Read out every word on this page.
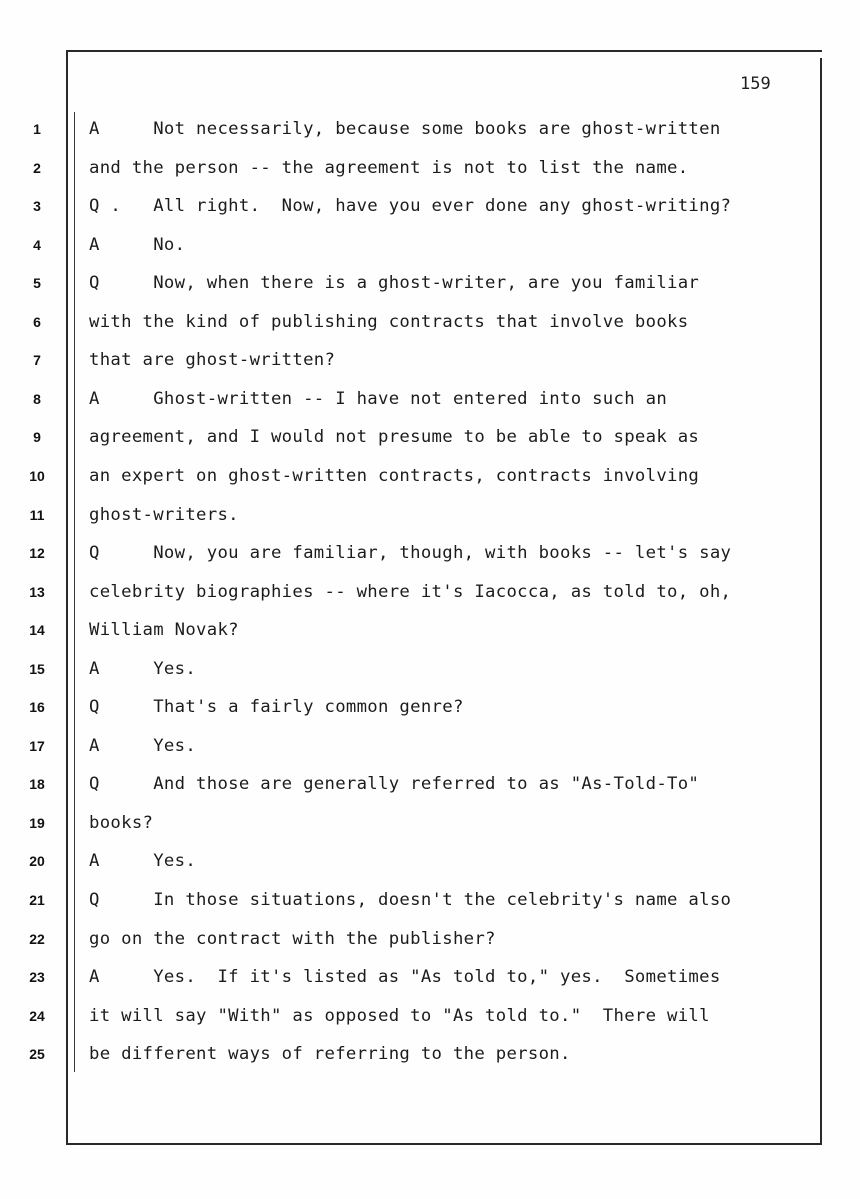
159
1	A     Not necessarily, because some books are ghost-written
2	and the person -- the agreement is not to list the name.
3	Q .   All right.  Now, have you ever done any ghost-writing?
4	A     No.
5	Q     Now, when there is a ghost-writer, are you familiar
6	with the kind of publishing contracts that involve books
7	that are ghost-written?
8	A     Ghost-written -- I have not entered into such an
9	agreement, and I would not presume to be able to speak as
10	an expert on ghost-written contracts, contracts involving
11	ghost-writers.
12	Q     Now, you are familiar, though, with books -- let's say
13	celebrity biographies -- where it's Iacocca, as told to, oh,
14	William Novak?
15	A     Yes.
16	Q     That's a fairly common genre?
17	A     Yes.
18	Q     And those are generally referred to as "As-Told-To"
19	books?
20	A     Yes.
21	Q     In those situations, doesn't the celebrity's name also
22	go on the contract with the publisher?
23	A     Yes.  If it's listed as "As told to," yes.  Sometimes
24	it will say "With" as opposed to "As told to."  There will
25	be different ways of referring to the person.
